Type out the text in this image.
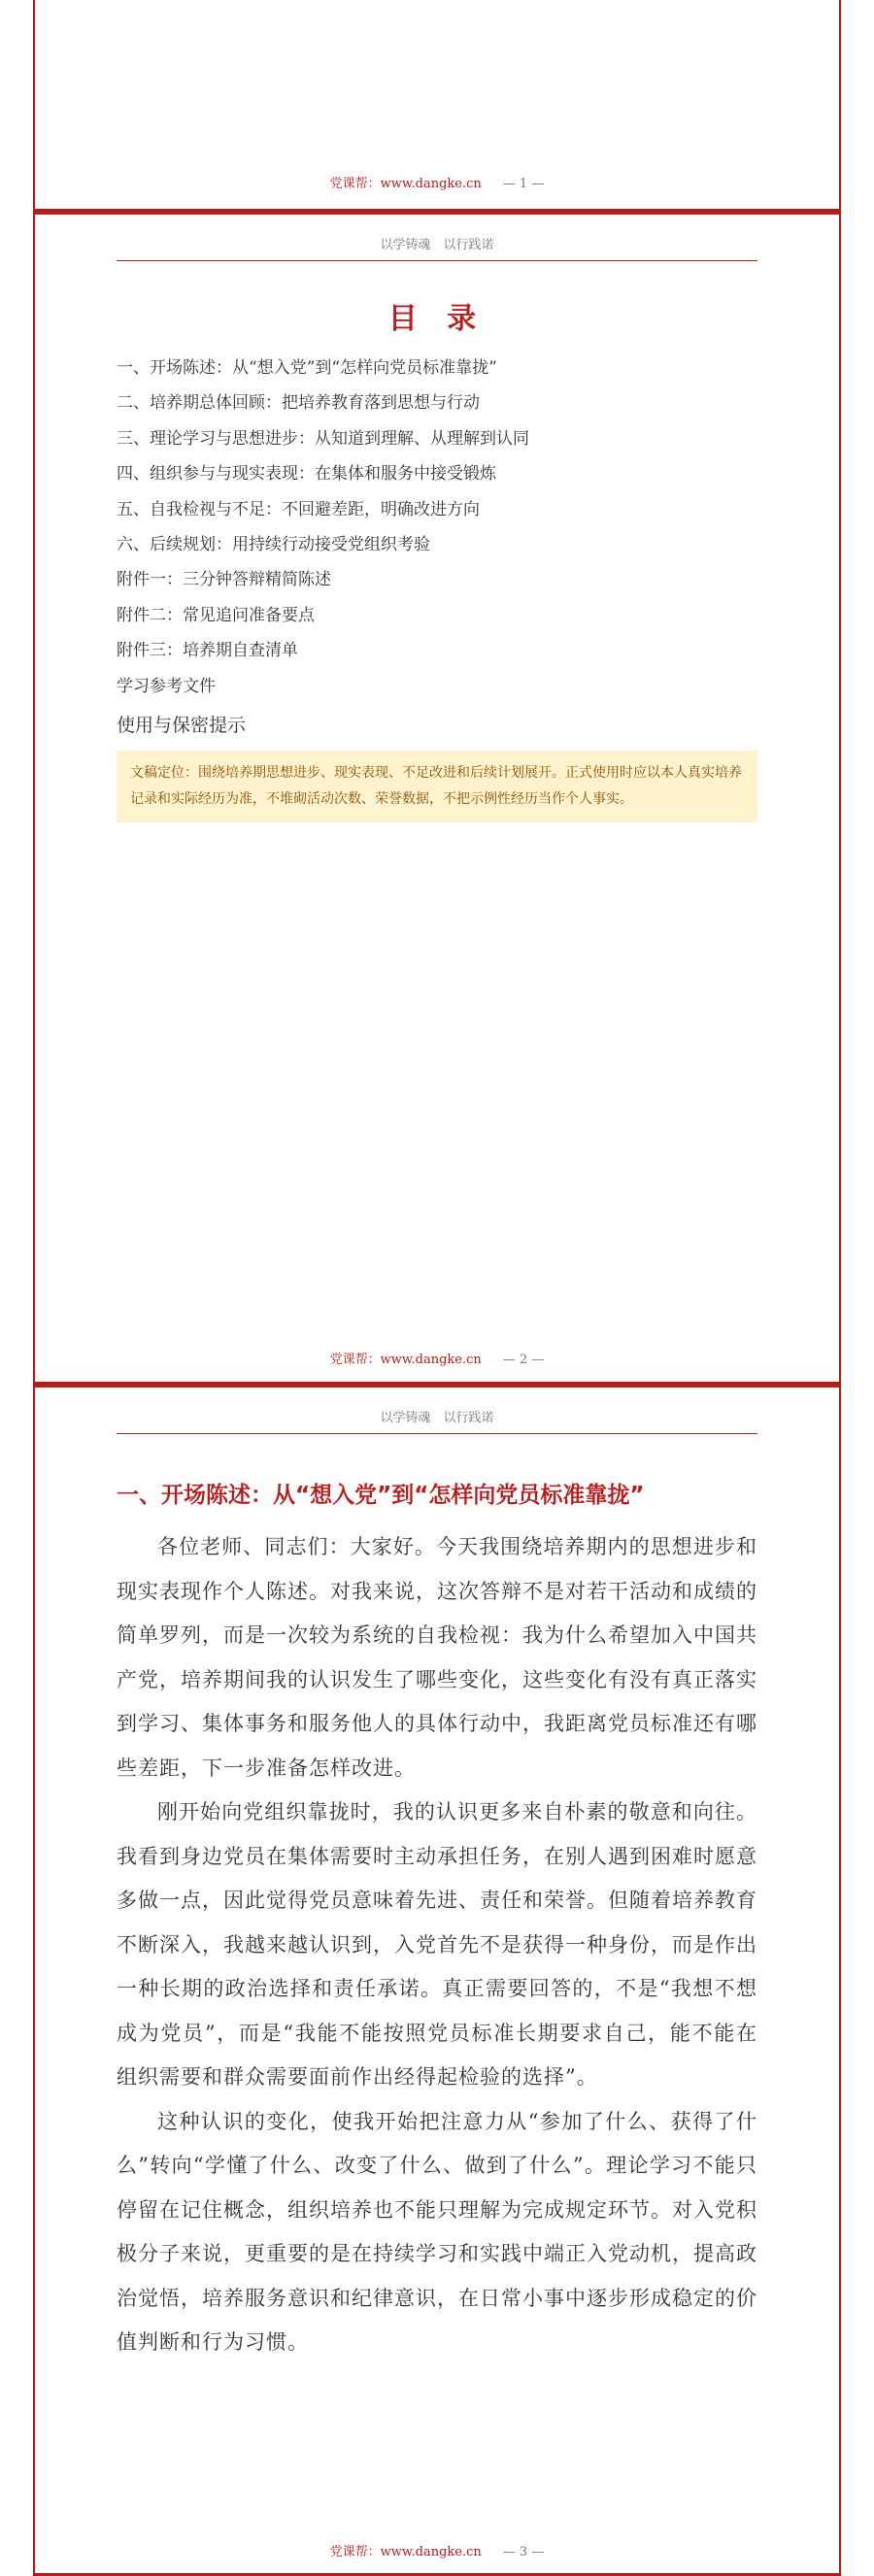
党课帮：www.dangke.cn — 1 —
以学铸魂　以行践诺
目 录
一、开场陈述：从“想入党”到“怎样向党员标准靠拢”
二、培养期总体回顾：把培养教育落到思想与行动
三、理论学习与思想进步：从知道到理解、从理解到认同
四、组织参与与现实表现：在集体和服务中接受锻炼
五、自我检视与不足：不回避差距，明确改进方向
六、后续规划：用持续行动接受党组织考验
附件一：三分钟答辩精简陈述
附件二：常见追问准备要点
附件三：培养期自查清单
学习参考文件
使用与保密提示
文稿定位：围绕培养期思想进步、现实表现、不足改进和后续计划展开。正式使用时应以本人真实培养记录和实际经历为准，不堆砌活动次数、荣誉数据，不把示例性经历当作个人事实。
党课帮：www.dangke.cn — 2 —
以学铸魂　以行践诺
一、开场陈述：从“想入党”到“怎样向党员标准靠拢”

各位老师、同志们：大家好。今天我围绕培养期内的思想进步和现实表现作个人陈述。对我来说，这次答辩不是对若干活动和成绩的简单罗列，而是一次较为系统的自我检视：我为什么希望加入中国共产党，培养期间我的认识发生了哪些变化，这些变化有没有真正落实到学习、集体事务和服务他人的具体行动中，我距离党员标准还有哪些差距，下一步准备怎样改进。

刚开始向党组织靠拢时，我的认识更多来自朴素的敬意和向往。我看到身边党员在集体需要时主动承担任务，在别人遇到困难时愿意多做一点，因此觉得党员意味着先进、责任和荣誉。但随着培养教育不断深入，我越来越认识到，入党首先不是获得一种身份，而是作出一种长期的政治选择和责任承诺。真正需要回答的，不是“我想不想成为党员”，而是“我能不能按照党员标准长期要求自己，能不能在组织需要和群众需要面前作出经得起检验的选择”。

这种认识的变化，使我开始把注意力从“参加了什么、获得了什么”转向“学懂了什么、改变了什么、做到了什么”。理论学习不能只停留在记住概念，组织培养也不能只理解为完成规定环节。对入党积极分子来说，更重要的是在持续学习和实践中端正入党动机，提高政治觉悟，培养服务意识和纪律意识，在日常小事中逐步形成稳定的价值判断和行为习惯。

党课帮：www.dangke.cn — 3 —
